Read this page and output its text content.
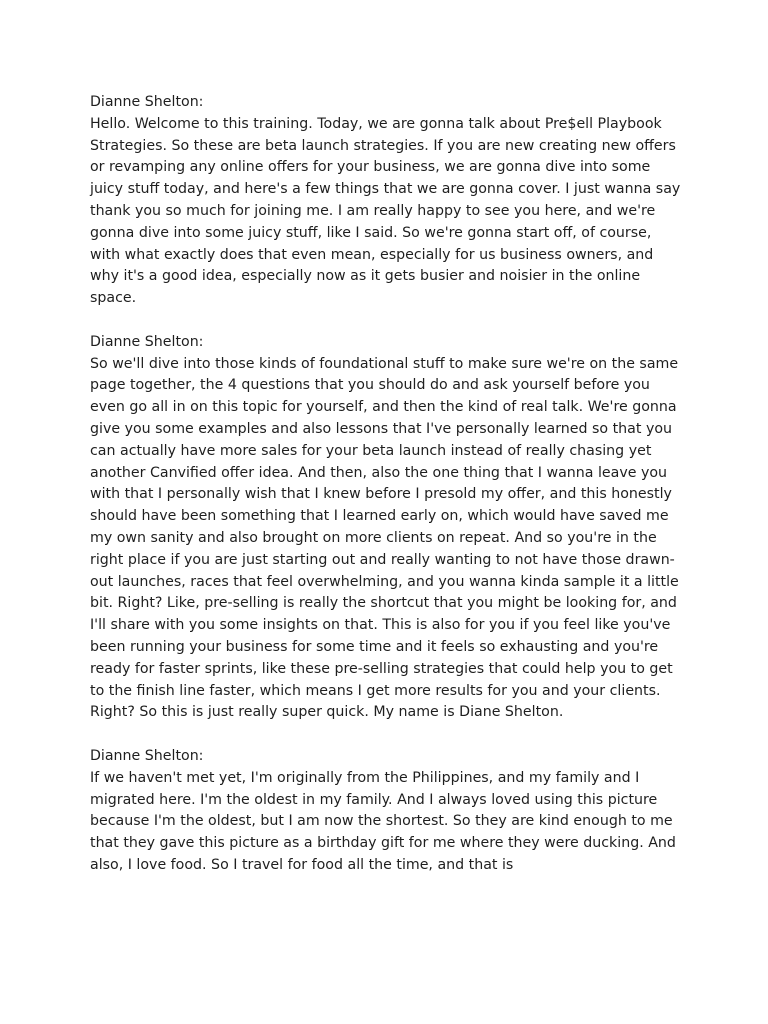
Dianne Shelton:
Hello. Welcome to this training. Today, we are gonna talk about Pre$ell Playbook Strategies. So these are beta launch strategies. If you are new creating new offers or revamping any online offers for your business, we are gonna dive into some juicy stuff today, and here's a few things that we are gonna cover. I just wanna say thank you so much for joining me. I am really happy to see you here, and we're gonna dive into some juicy stuff, like I said. So we're gonna start off, of course, with what exactly does that even mean, especially for us business owners, and why it's a good idea, especially now as it gets busier and noisier in the online space.
Dianne Shelton:
So we'll dive into those kinds of foundational stuff to make sure we're on the same page together, the 4 questions that you should do and ask yourself before you even go all in on this topic for yourself, and then the kind of real talk. We're gonna give you some examples and also lessons that I've personally learned so that you can actually have more sales for your beta launch instead of really chasing yet another Canvified offer idea. And then, also the one thing that I wanna leave you with that I personally wish that I knew before I presold my offer, and this honestly should have been something that I learned early on, which would have saved me my own sanity and also brought on more clients on repeat. And so you're in the right place if you are just starting out and really wanting to not have those drawn-out launches, races that feel overwhelming, and you wanna kinda sample it a little bit. Right? Like, pre-selling is really the shortcut that you might be looking for, and I'll share with you some insights on that. This is also for you if you feel like you've been running your business for some time and it feels so exhausting and you're ready for faster sprints, like these pre-selling strategies that could help you to get to the finish line faster, which means I get more results for you and your clients. Right? So this is just really super quick. My name is Diane Shelton.
Dianne Shelton:
If we haven't met yet, I'm originally from the Philippines, and my family and I migrated here. I'm the oldest in my family. And I always loved using this picture because I'm the oldest, but I am now the shortest. So they are kind enough to me that they gave this picture as a birthday gift for me where they were ducking. And also, I love food. So I travel for food all the time, and that is
